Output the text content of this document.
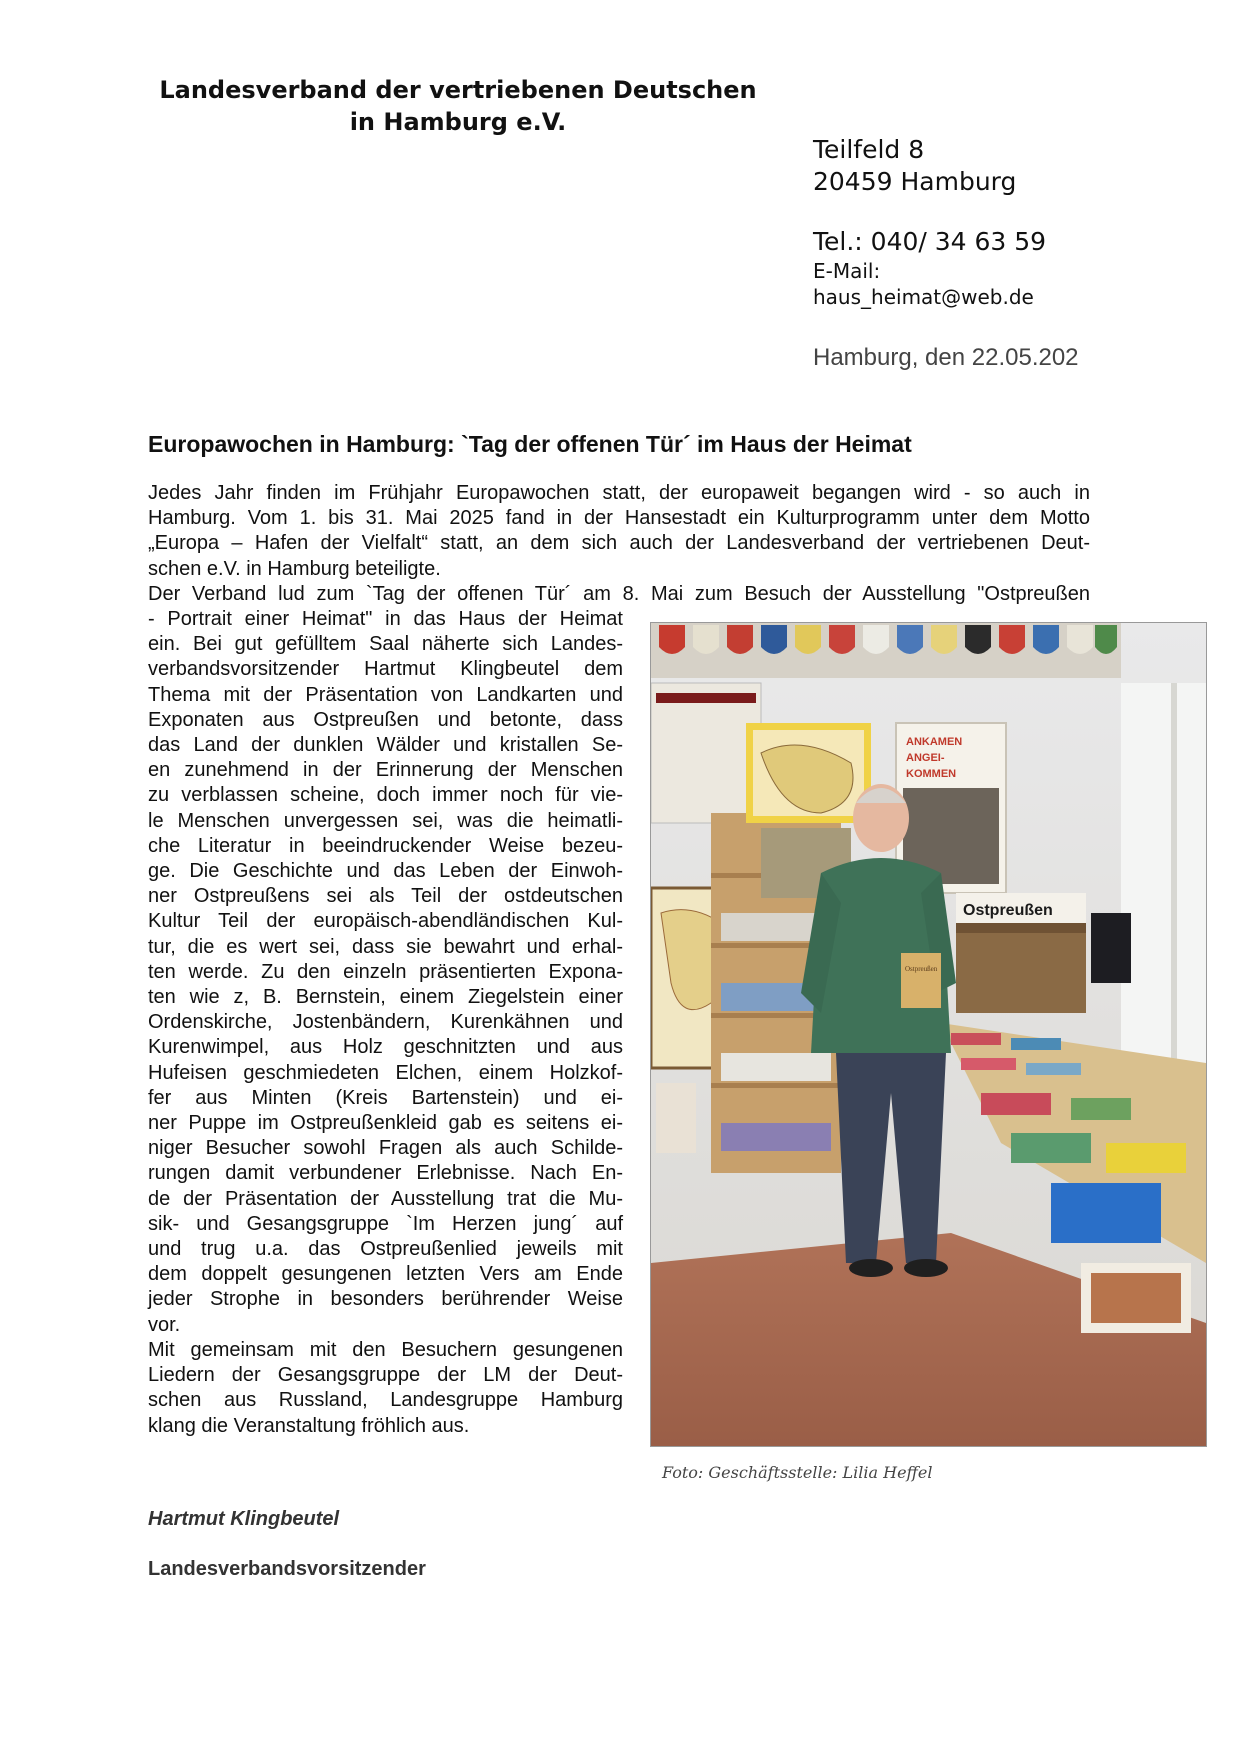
Landesverband der vertriebenen Deutschen
in Hamburg e.V.
Teilfeld 8
20459 Hamburg
Tel.: 040/ 34 63 59
E-Mail:
haus_heimat@web.de
Hamburg, den 22.05.202
Europawochen in Hamburg: `Tag der offenen Tür´ im Haus der Heimat
Jedes Jahr finden im Frühjahr Europawochen statt, der europaweit begangen wird - so auch in
Hamburg. Vom 1. bis 31. Mai 2025 fand in der Hansestadt ein Kulturprogramm unter dem Motto
„Europa – Hafen der Vielfalt“ statt, an dem sich auch der Landesverband der vertriebenen Deut-
schen e.V. in Hamburg beteiligte.
Der Verband lud zum `Tag der offenen Tür´ am 8. Mai zum Besuch der Ausstellung "Ostpreußen
- Portrait einer Heimat" in das Haus der Heimat
ein. Bei gut gefülltem Saal näherte sich Landes-
verbandsvorsitzender Hartmut Klingbeutel dem
Thema mit der Präsentation von Landkarten und
Exponaten aus Ostpreußen und betonte, dass
das Land der dunklen Wälder und kristallen Se-
en zunehmend in der Erinnerung der Menschen
zu verblassen scheine, doch immer noch für vie-
le Menschen unvergessen sei, was die heimatli-
che Literatur in beeindruckender Weise bezeu-
ge. Die Geschichte und das Leben der Einwoh-
ner Ostpreußens sei als Teil der ostdeutschen
Kultur Teil der europäisch-abendländischen Kul-
tur, die es wert sei, dass sie bewahrt und erhal-
ten werde. Zu den einzeln präsentierten Expona-
ten wie z, B. Bernstein, einem Ziegelstein einer
Ordenskirche, Jostenbändern, Kurenkähnen und
Kurenwimpel, aus Holz geschnitzten und aus
Hufeisen geschmiedeten Elchen, einem Holzkof-
fer aus Minten (Kreis Bartenstein) und ei-
ner Puppe im Ostpreußenkleid gab es seitens ei-
niger Besucher sowohl Fragen als auch Schilde-
rungen damit verbundener Erlebnisse. Nach En-
de der Präsentation der Ausstellung trat die Mu-
sik- und Gesangsgruppe `Im Herzen jung´ auf
und trug u.a. das Ostpreußenlied jeweils mit
dem doppelt gesungenen letzten Vers am Ende
jeder Strophe in besonders berührender Weise
vor.
Mit gemeinsam mit den Besuchern gesungenen
Liedern der Gesangsgruppe der LM der Deut-
schen aus Russland, Landesgruppe Hamburg
klang die Veranstaltung fröhlich aus.
ANKAMEN
ANGEI-
KOMMEN
Ostpreußen
Ostpreußen
Foto: Geschäftsstelle: Lilia Heffel
Hartmut Klingbeutel
Landesverbandsvorsitzender
